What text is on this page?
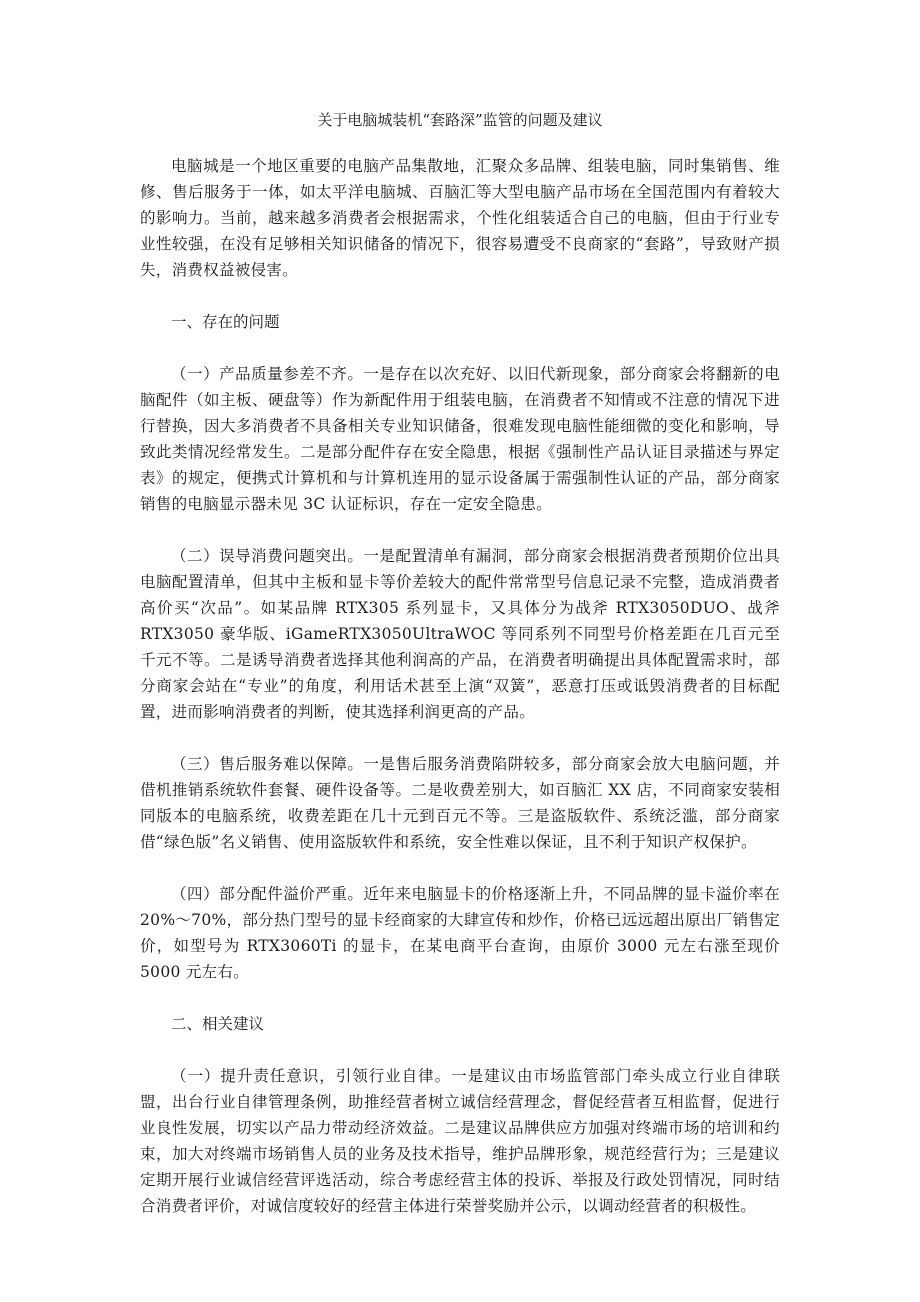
关于电脑城装机“套路深”监管的问题及建议

电脑城是一个地区重要的电脑产品集散地，汇聚众多品牌、组装电脑，同时集销售、维修、售后服务于一体，如太平洋电脑城、百脑汇等大型电脑产品市场在全国范围内有着较大的影响力。当前，越来越多消费者会根据需求，个性化组装适合自己的电脑，但由于行业专业性较强，在没有足够相关知识储备的情况下，很容易遭受不良商家的“套路”，导致财产损失，消费权益被侵害。

一、存在的问题

（一）产品质量参差不齐。一是存在以次充好、以旧代新现象，部分商家会将翻新的电脑配件（如主板、硬盘等）作为新配件用于组装电脑，在消费者不知情或不注意的情况下进行替换，因大多消费者不具备相关专业知识储备，很难发现电脑性能细微的变化和影响，导致此类情况经常发生。二是部分配件存在安全隐患，根据《强制性产品认证目录描述与界定表》的规定，便携式计算机和与计算机连用的显示设备属于需强制性认证的产品，部分商家销售的电脑显示器未见 3C 认证标识，存在一定安全隐患。

（二）误导消费问题突出。一是配置清单有漏洞，部分商家会根据消费者预期价位出具电脑配置清单，但其中主板和显卡等价差较大的配件常常型号信息记录不完整，造成消费者高价买“次品”。如某品牌 RTX305 系列显卡，又具体分为战斧 RTX3050DUO、战斧 RTX3050 豪华版、iGameRTX3050UltraWOC 等同系列不同型号价格差距在几百元至千元不等。二是诱导消费者选择其他利润高的产品，在消费者明确提出具体配置需求时，部分商家会站在“专业”的角度，利用话术甚至上演“双簧”，恶意打压或诋毁消费者的目标配置，进而影响消费者的判断，使其选择利润更高的产品。

（三）售后服务难以保障。一是售后服务消费陷阱较多，部分商家会放大电脑问题，并借机推销系统软件套餐、硬件设备等。二是收费差别大，如百脑汇 XX 店，不同商家安装相同版本的电脑系统，收费差距在几十元到百元不等。三是盗版软件、系统泛滥，部分商家借“绿色版”名义销售、使用盗版软件和系统，安全性难以保证，且不利于知识产权保护。

（四）部分配件溢价严重。近年来电脑显卡的价格逐渐上升，不同品牌的显卡溢价率在 20%～70%，部分热门型号的显卡经商家的大肆宣传和炒作，价格已远远超出原出厂销售定价，如型号为 RTX3060Ti 的显卡，在某电商平台查询，由原价 3000 元左右涨至现价 5000 元左右。

二、相关建议

（一）提升责任意识，引领行业自律。一是建议由市场监管部门牵头成立行业自律联盟，出台行业自律管理条例，助推经营者树立诚信经营理念，督促经营者互相监督，促进行业良性发展，切实以产品力带动经济效益。二是建议品牌供应方加强对终端市场的培训和约束，加大对终端市场销售人员的业务及技术指导，维护品牌形象，规范经营行为；三是建议定期开展行业诚信经营评选活动，综合考虑经营主体的投诉、举报及行政处罚情况，同时结合消费者评价，对诚信度较好的经营主体进行荣誉奖励并公示，以调动经营者的积极性。
